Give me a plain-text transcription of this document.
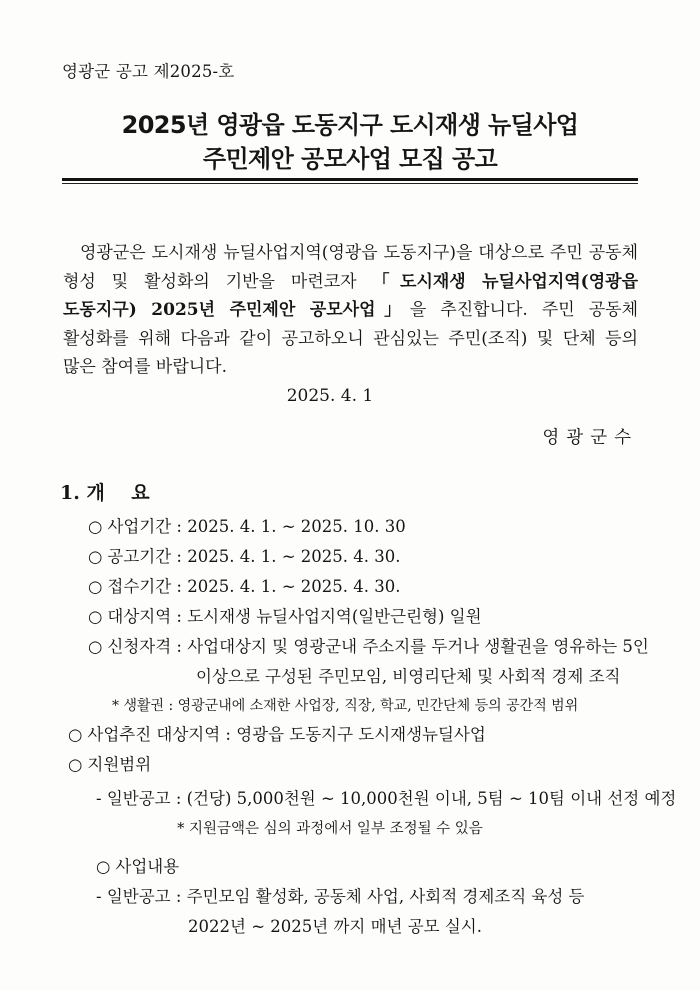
영광군 공고 제2025-호
2025년 영광읍 도동지구 도시재생 뉴딜사업
주민제안 공모사업 모집 공고

영광군은 도시재생 뉴딜사업지역(영광읍 도동지구)을 대상으로 주민 공동체 형성 및 활성화의 기반을 마련코자 「도시재생 뉴딜사업지역(영광읍 도동지구) 2025년 주민제안 공모사업」을 추진합니다. 주민 공동체 활성화를 위해 다음과 같이 공고하오니 관심있는 주민(조직) 및 단체 등의 많은 참여를 바랍니다.

2025. 4. 1
영광군수
1. 개    요
○ 사업기간 : 2025. 4. 1. ~ 2025. 10. 30
○ 공고기간 : 2025. 4. 1. ~ 2025. 4. 30.
○ 접수기간 : 2025. 4. 1. ~ 2025. 4. 30.
○ 대상지역 : 도시재생 뉴딜사업지역(일반근린형) 일원
○ 신청자격 : 사업대상지 및 영광군내 주소지를 두거나 생활권을 영유하는 5인
이상으로 구성된 주민모임, 비영리단체 및 사회적 경제 조직
* 생활권 : 영광군내에 소재한 사업장, 직장, 학교, 민간단체 등의 공간적 범위
○ 사업추진 대상지역 : 영광읍 도동지구 도시재생뉴딜사업
○ 지원범위
- 일반공고 : (건당) 5,000천원 ~ 10,000천원 이내, 5팀 ~ 10팀 이내 선정 예정
* 지원금액은 심의 과정에서 일부 조정될 수 있음
○ 사업내용
- 일반공고 : 주민모임 활성화, 공동체 사업, 사회적 경제조직 육성 등
2022년 ~ 2025년 까지 매년 공모 실시.
